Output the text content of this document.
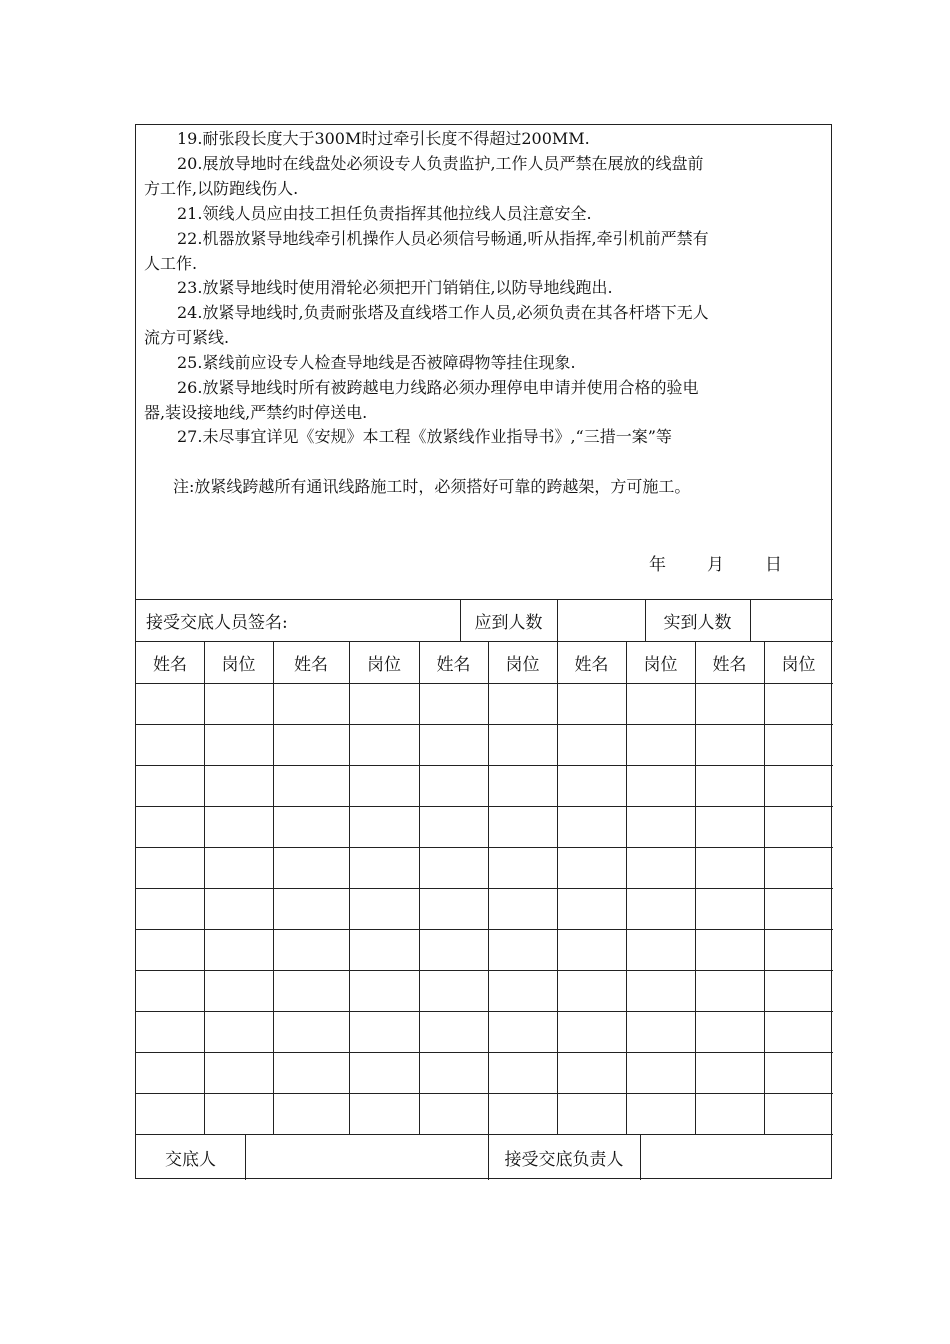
19.耐张段长度大于300M时过牵引长度不得超过200MM.
20.展放导地时在线盘处必须设专人负责监护,工作人员严禁在展放的线盘前
方工作,以防跑线伤人.
21.领线人员应由技工担任负责指挥其他拉线人员注意安全.
22.机器放紧导地线牵引机操作人员必须信号畅通,听从指挥,牵引机前严禁有
人工作.
23.放紧导地线时使用滑轮必须把开门销销住,以防导地线跑出.
24.放紧导地线时,负责耐张塔及直线塔工作人员,必须负责在其各杆塔下无人
流方可紧线.
25.紧线前应设专人检查导地线是否被障碍物等挂住现象.
26.放紧导地线时所有被跨越电力线路必须办理停电申请并使用合格的验电
器,装设接地线,严禁约时停送电.
27.未尽事宜详见《安规》本工程《放紧线作业指导书》,“三措一案”等
注:放紧线跨越所有通讯线路施工时，必须搭好可靠的跨越架，方可施工。
年 月 日
接受交底人员签名:	应到人数	实到人数
姓名	岗位	姓名	岗位	姓名	岗位	姓名	岗位	姓名	岗位
交底人	接受交底负责人
